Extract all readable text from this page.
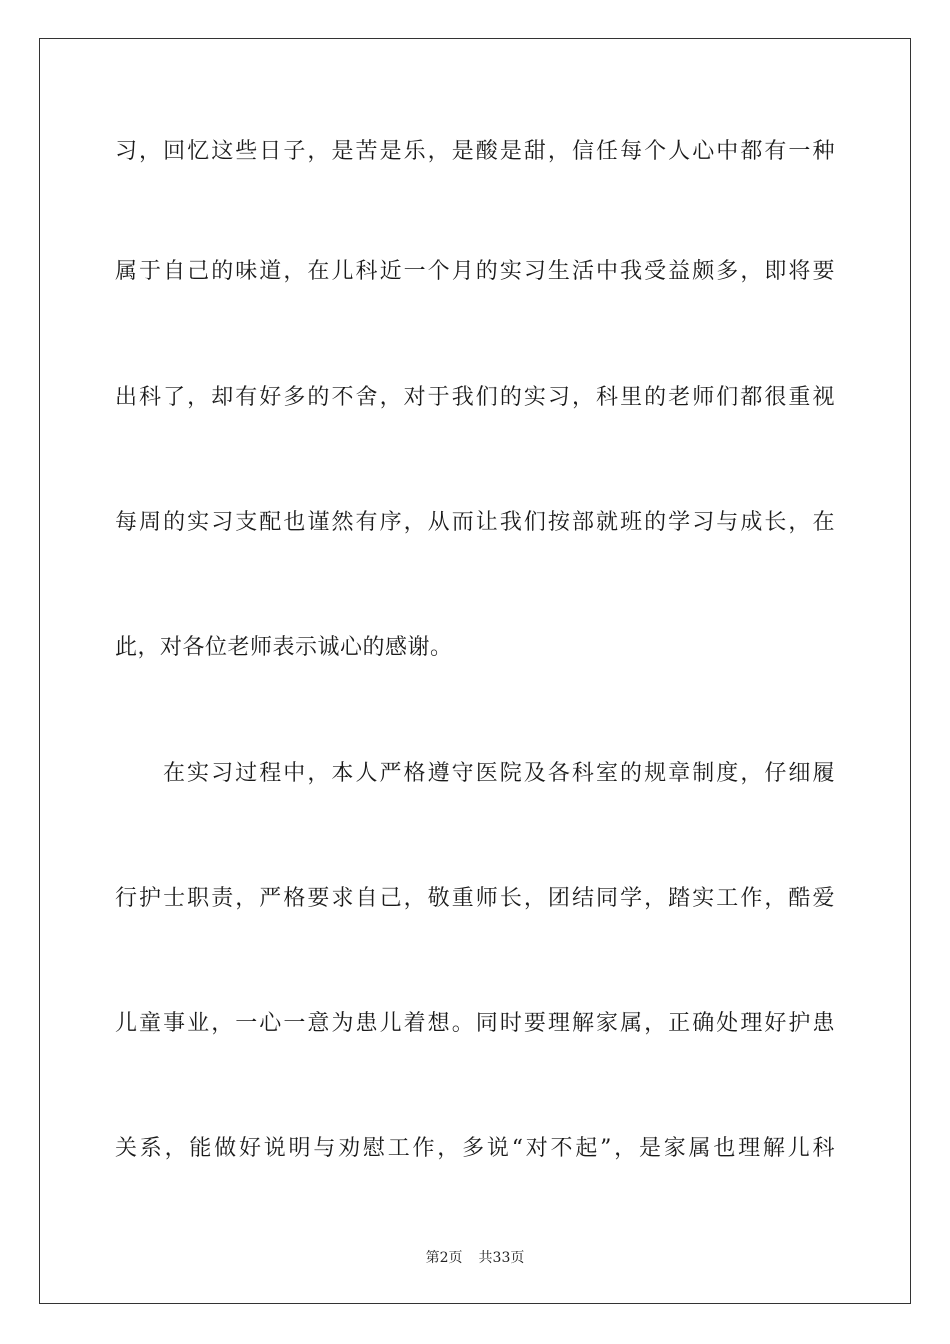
习，回忆这些日子，是苦是乐，是酸是甜，信任每个人心中都有一种
属于自己的味道，在儿科近一个月的实习生活中我受益颇多，即将要
出科了，却有好多的不舍，对于我们的实习，科里的老师们都很重视
每周的实习支配也谨然有序，从而让我们按部就班的学习与成长，在
此，对各位老师表示诚心的感谢。
在实习过程中，本人严格遵守医院及各科室的规章制度，仔细履
行护士职责，严格要求自己，敬重师长，团结同学，踏实工作，酷爱
儿童事业，一心一意为患儿着想。同时要理解家属，正确处理好护患
关系，能做好说明与劝慰工作，多说“对不起”，是家属也理解儿科
第2页 共33页
